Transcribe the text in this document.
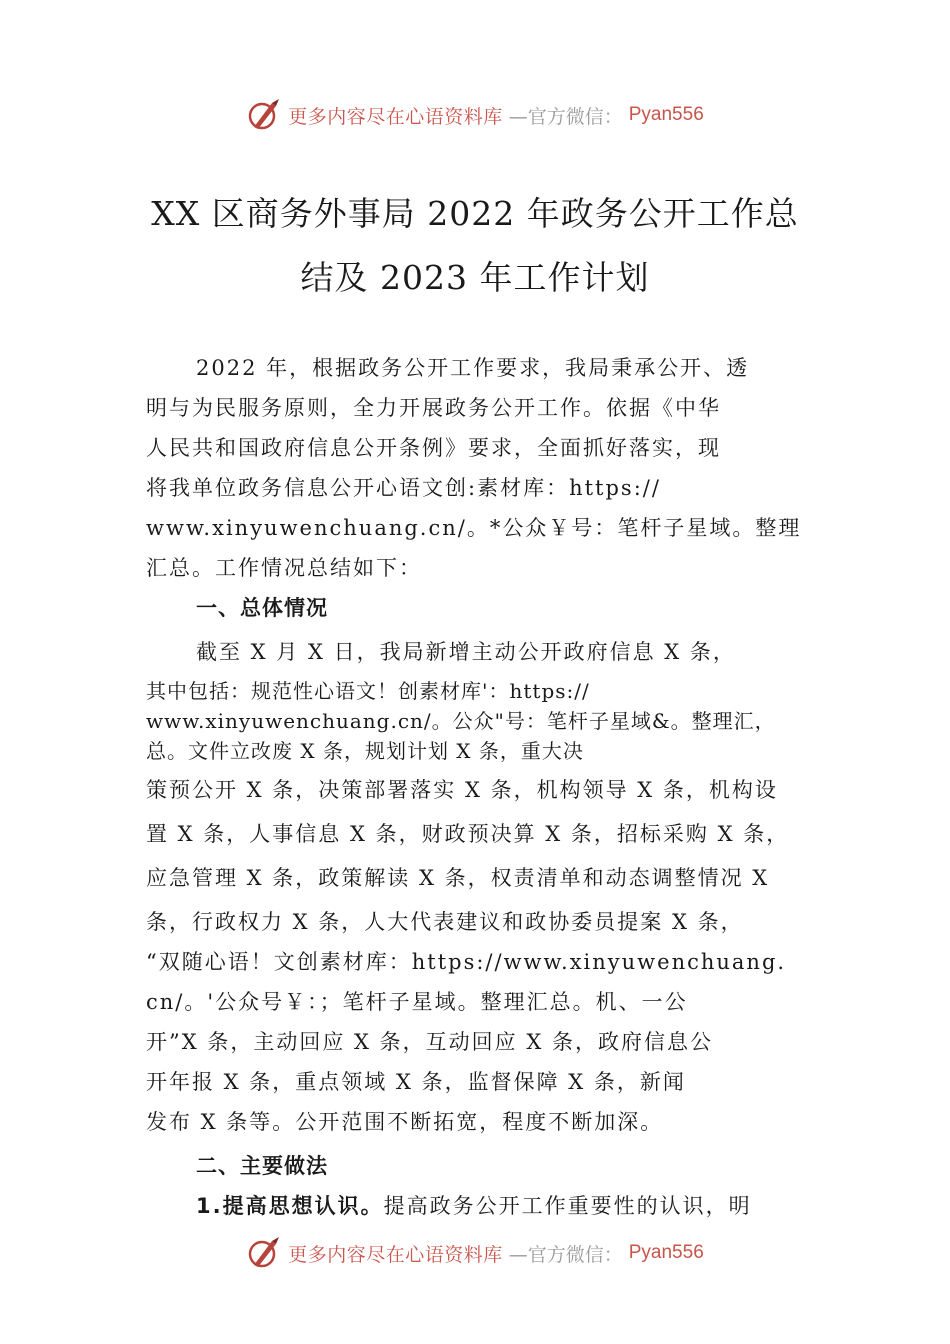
更多内容尽在心语资料库 —官方微信： Pyan556
XX 区商务外事局 2022 年政务公开工作总
结及 2023 年工作计划
2022 年，根据政务公开工作要求，我局秉承公开、透
明与为民服务原则，全力开展政务公开工作。依据《中华
人民共和国政府信息公开条例》要求，全面抓好落实，现
将我单位政务信息公开心语文创:素材库：https://
www.xinyuwenchuang.cn/。*公众￥号：笔杆子星域。整理
汇总。工作情况总结如下：
一、总体情况
截至 X 月 X 日，我局新增主动公开政府信息 X 条，
其中包括：规范性心语文！创素材库'：https://
www.xinyuwenchuang.cn/。公众"号：笔杆子星域&。整理汇，
总。文件立改废 X 条，规划计划 X 条，重大决
策预公开 X 条，决策部署落实 X 条，机构领导 X 条，机构设
置 X 条，人事信息 X 条，财政预决算 X 条，招标采购 X 条，
应急管理 X 条，政策解读 X 条，权责清单和动态调整情况 X
条，行政权力 X 条，人大代表建议和政协委员提案 X 条，
“双随心语！文创素材库：https://www.xinyuwenchuang.
cn/。'公众号￥：；笔杆子星域。整理汇总。机、一公
开”X 条，主动回应 X 条，互动回应 X 条，政府信息公
开年报 X 条，重点领域 X 条，监督保障 X 条，新闻
发布 X 条等。公开范围不断拓宽，程度不断加深。
二、主要做法
1.提高思想认识。提高政务公开工作重要性的认识，明
更多内容尽在心语资料库 —官方微信： Pyan556
